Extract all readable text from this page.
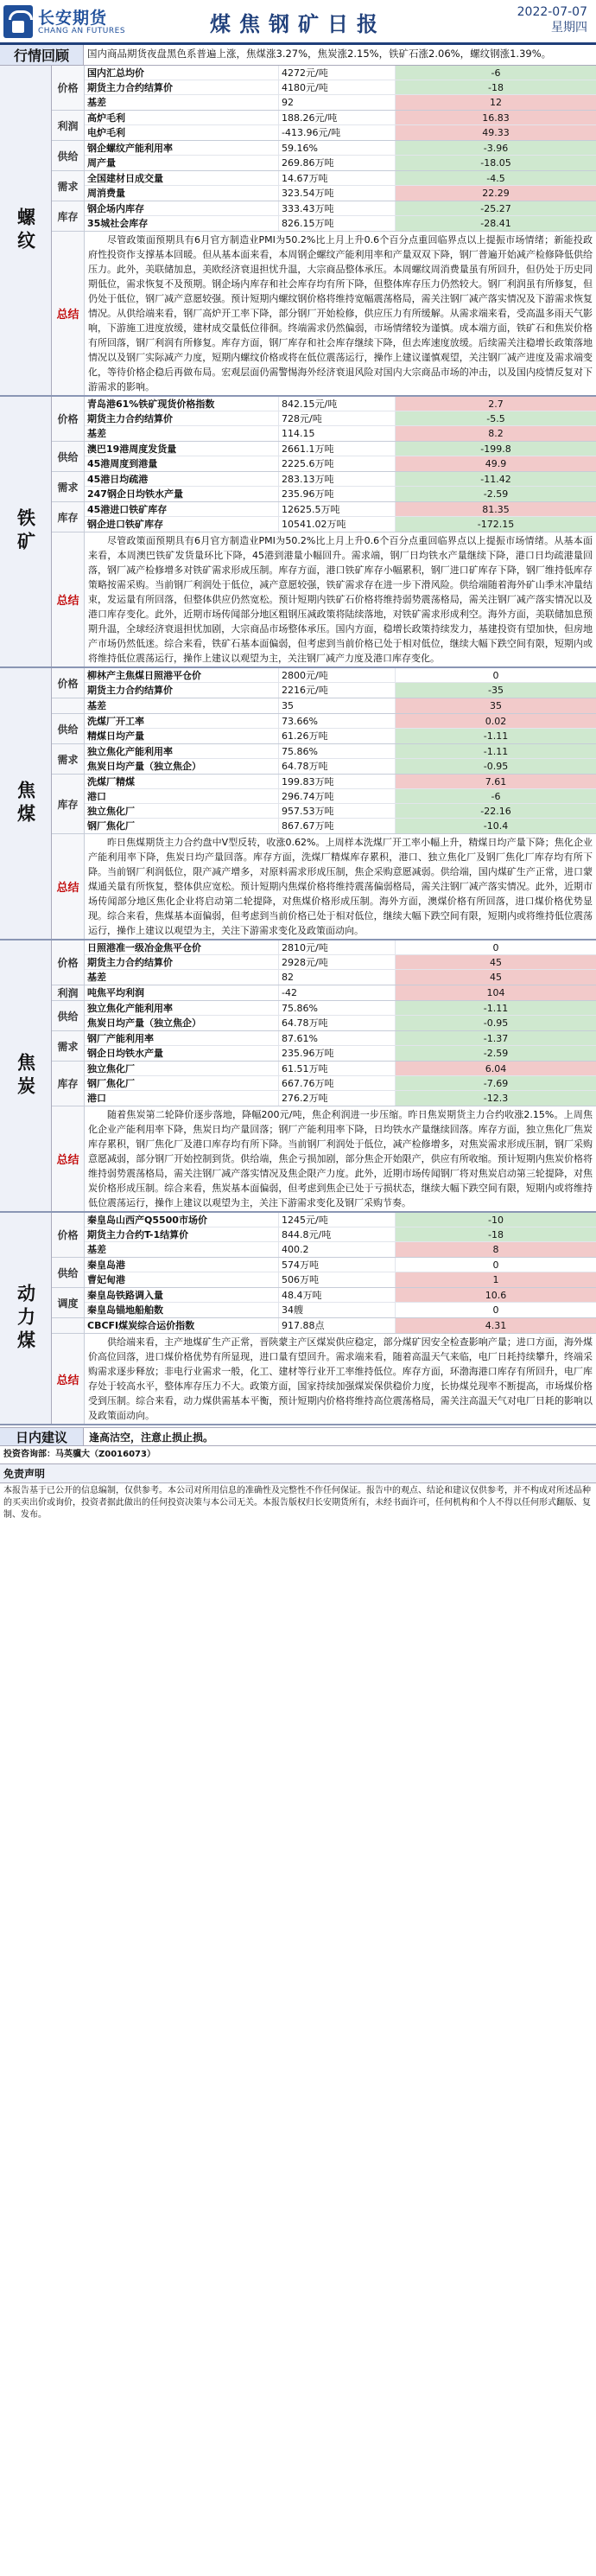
长安期货
CHANG AN FUTURES	煤焦钢矿日报	2022-07-07
星期四
行情回顾	国内商品期货夜盘黑色系普遍上涨，焦煤涨3.27%，焦炭涨2.15%，铁矿石涨2.06%，螺纹钢涨1.39%。
螺纹
价格
国内汇总均价	4272元/吨	-6
期货主力合约结算价	4180元/吨	-18
基差	92	12
利润
高炉毛利	188.26元/吨	16.83
电炉毛利	-413.96元/吨	49.33
供给
钢企螺纹产能利用率	59.16%	-3.96
周产量	269.86万吨	-18.05
需求
全国建材日成交量	14.67万吨	-4.5
周消费量	323.54万吨	22.29
库存
钢企场内库存	333.43万吨	-25.27
35城社会库存	826.15万吨	-28.41
总结
尽管政策面预期具有6月官方制造业PMI为50.2%比上月上升0.6个百分点重回临界点以上提振市场情绪；新能投政府性投资作支撑基本回暖。但从基本面来看，本周钢企螺纹产能利用率和产量双双下降，钢厂普遍开始减产检修降低供给压力。此外，美联储加息，美欧经济衰退担忧升温，大宗商品整体承压。本周螺纹周消费量虽有所回升，但仍处于历史同期低位，需求恢复不及预期。钢企场内库存和社会库存均有所下降，但整体库存压力仍然较大。钢厂利润虽有所修复，但仍处于低位，钢厂减产意愿较强。预计短期内螺纹钢价格将维持宽幅震荡格局，需关注钢厂减产落实情况及下游需求恢复情况。从供给端来看，钢厂高炉开工率下降，部分钢厂开始检修，供应压力有所缓解。从需求端来看，受高温多雨天气影响，下游施工进度放缓，建材成交量低位徘徊。终端需求仍然偏弱，市场情绪较为谨慎。成本端方面，铁矿石和焦炭价格有所回落，钢厂利润有所修复。库存方面，钢厂库存和社会库存继续下降，但去库速度放缓。后续需关注稳增长政策落地情况以及钢厂实际减产力度，短期内螺纹价格或将在低位震荡运行，操作上建议谨慎观望，关注钢厂减产进度及需求端变化，等待价格企稳后再做布局。宏观层面仍需警惕海外经济衰退风险对国内大宗商品市场的冲击，以及国内疫情反复对下游需求的影响。
铁矿
价格
青岛港61%铁矿现货价格指数	842.15元/吨	2.7
期货主力合约结算价	728元/吨	-5.5
基差	114.15	8.2
供给
澳巴19港周度发货量	2661.1万吨	-199.8
45港周度到港量	2225.6万吨	49.9
需求
45港日均疏港	283.13万吨	-11.42
247钢企日均铁水产量	235.96万吨	-2.59
库存
45港进口铁矿库存	12625.5万吨	81.35
钢企进口铁矿库存	10541.02万吨	-172.15
总结
尽管政策面预期具有6月官方制造业PMI为50.2%比上月上升0.6个百分点重回临界点以上提振市场情绪。从基本面来看，本周澳巴铁矿发货量环比下降，45港到港量小幅回升。需求端，钢厂日均铁水产量继续下降，港口日均疏港量回落，钢厂减产检修增多对铁矿需求形成压制。库存方面，港口铁矿库存小幅累积，钢厂进口矿库存下降，钢厂维持低库存策略按需采购。当前钢厂利润处于低位，减产意愿较强，铁矿需求存在进一步下滑风险。供给端随着海外矿山季末冲量结束，发运量有所回落，但整体供应仍然宽松。预计短期内铁矿石价格将维持弱势震荡格局，需关注钢厂减产落实情况以及港口库存变化。此外，近期市场传闻部分地区粗钢压减政策将陆续落地，对铁矿需求形成利空。海外方面，美联储加息预期升温，全球经济衰退担忧加剧，大宗商品市场整体承压。国内方面，稳增长政策持续发力，基建投资有望加快，但房地产市场仍然低迷。综合来看，铁矿石基本面偏弱，但考虑到当前价格已处于相对低位，继续大幅下跌空间有限，短期内或将维持低位震荡运行，操作上建议以观望为主，关注钢厂减产力度及港口库存变化。
焦煤
价格
柳林产主焦煤日照港平仓价	2800元/吨	0
期货主力合约结算价	2216元/吨	-35
基差	35	35
供给
洗煤厂开工率	73.66%	0.02
精煤日均产量	61.26万吨	-1.11
需求
独立焦化产能利用率	75.86%	-1.11
焦炭日均产量（独立焦企）	64.78万吨	-0.95
库存
洗煤厂精煤	199.83万吨	7.61
港口	296.74万吨	-6
独立焦化厂	957.53万吨	-22.16
钢厂焦化厂	867.67万吨	-10.4
总结
昨日焦煤期货主力合约盘中V型反转，收涨0.62%。上周样本洗煤厂开工率小幅上升，精煤日均产量下降；焦化企业产能利用率下降，焦炭日均产量回落。库存方面，洗煤厂精煤库存累积，港口、独立焦化厂及钢厂焦化厂库存均有所下降。当前钢厂利润低位，限产减产增多，对原料需求形成压制，焦企采购意愿减弱。供给端，国内煤矿生产正常，进口蒙煤通关量有所恢复，整体供应宽松。预计短期内焦煤价格将维持震荡偏弱格局，需关注钢厂减产落实情况。此外，近期市场传闻部分地区焦化企业将启动第二轮提降，对焦煤价格形成压制。海外方面，澳煤价格有所回落，进口煤价格优势显现。综合来看，焦煤基本面偏弱，但考虑到当前价格已处于相对低位，继续大幅下跌空间有限，短期内或将维持低位震荡运行，操作上建议以观望为主，关注下游需求变化及政策面动向。
焦炭
价格
日照港准一级冶金焦平仓价	2810元/吨	0
期货主力合约结算价	2928元/吨	45
基差	82	45
利润 吨焦平均利润	-42	104
供给
独立焦化产能利用率	75.86%	-1.11
焦炭日均产量（独立焦企）	64.78万吨	-0.95
需求
钢厂产能利用率	87.61%	-1.37
钢企日均铁水产量	235.96万吨	-2.59
库存
独立焦化厂	61.51万吨	6.04
钢厂焦化厂	667.76万吨	-7.69
港口	276.2万吨	-12.3
总结
随着焦炭第二轮降价逐步落地，降幅200元/吨，焦企利润进一步压缩。昨日焦炭期货主力合约收涨2.15%。上周焦化企业产能利用率下降，焦炭日均产量回落；钢厂产能利用率下降，日均铁水产量继续回落。库存方面，独立焦化厂焦炭库存累积，钢厂焦化厂及港口库存均有所下降。当前钢厂利润处于低位，减产检修增多，对焦炭需求形成压制，钢厂采购意愿减弱，部分钢厂开始控制到货。供给端，焦企亏损加剧，部分焦企开始限产，供应有所收缩。预计短期内焦炭价格将维持弱势震荡格局，需关注钢厂减产落实情况及焦企限产力度。此外，近期市场传闻钢厂将对焦炭启动第三轮提降，对焦炭价格形成压制。综合来看，焦炭基本面偏弱，但考虑到焦企已处于亏损状态，继续大幅下跌空间有限，短期内或将维持低位震荡运行，操作上建议以观望为主，关注下游需求变化及钢厂采购节奏。
动力煤
价格
秦皇岛山西产Q5500市场价	1245元/吨	-10
期货主力合约T-1结算价	844.8元/吨	-18
基差	400.2	8
供给
秦皇岛港	574万吨	0
曹妃甸港	506万吨	1
调度
秦皇岛铁路调入量	48.4万吨	10.6
秦皇岛锚地船舶数	34艘	0
CBCFI煤炭综合运价指数	917.88点	4.31
总结
供给端来看，主产地煤矿生产正常，晋陕蒙主产区煤炭供应稳定，部分煤矿因安全检查影响产量；进口方面，海外煤价高位回落，进口煤价格优势有所显现，进口量有望回升。需求端来看，随着高温天气来临，电厂日耗持续攀升，终端采购需求逐步释放；非电行业需求一般，化工、建材等行业开工率维持低位。库存方面，环渤海港口库存有所回升，电厂库存处于较高水平，整体库存压力不大。政策方面，国家持续加强煤炭保供稳价力度，长协煤兑现率不断提高，市场煤价格受到压制。综合来看，动力煤供需基本平衡，预计短期内价格将维持高位震荡格局，需关注高温天气对电厂日耗的影响以及政策面动向。
日内建议	逢高沽空，注意止损止损。
投资咨询部：马英骥大（Z0016073）
免责声明
本报告基于已公开的信息编制，仅供参考。本公司对所用信息的准确性及完整性不作任何保证。报告中的观点、结论和建议仅供参考，并不构成对所述品种的买卖出价或询价，投资者据此做出的任何投资决策与本公司无关。本报告版权归长安期货所有，未经书面许可，任何机构和个人不得以任何形式翻版、复制、发布。
